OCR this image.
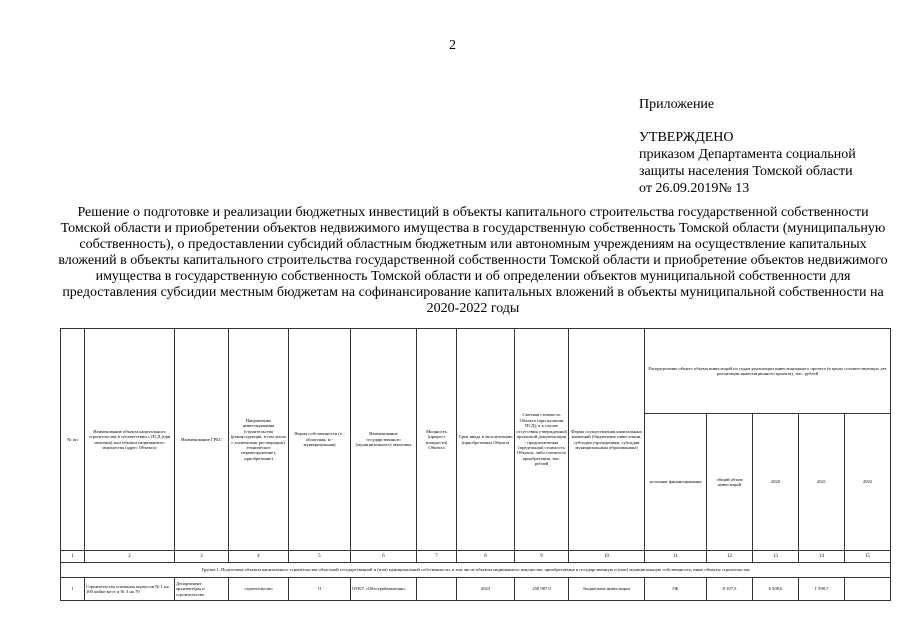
2
Приложение
УТВЕРЖДЕНО
приказом Департамента социальной
защиты населения Томской области
от 26.09.2019№ 13
Решение о подготовке и реализации бюджетных инвестиций в объекты капитального строительства государственной собственности Томской области и приобретении объектов недвижимого имущества в государственную собственность Томской области (муниципальную собственность), о предоставлении субсидий областным бюджетным или автономным учреждениям на осуществление капитальных вложений в объекты капитального строительства государственной собственности Томской области и приобретение объектов недвижимого имущества в государственную собственность Томской области и об определении объектов муниципальной собственности для предоставления субсидии местным бюджетам на софинансирование капитальных вложений в объекты муниципальной собственности на 2020-2022 годы
№ пп	Наименование объекта капитального строительства в соответствии с ПСД (при наличии) или объекта недвижимого имущества (адрес Объекта)	Наименование ГРБС	Направление инвестирования (строительство (реконструкция, в том числе с элементами реставрации), техническое перевооружение), приобретение)	Форма собственности (о - областная, м - муниципальная)	Наименование государственного (муниципального) заказчика	Мощность (прирост мощности) Объекта	Срок ввода в эксплуатацию (приобретения) Объекта	Сметная стоимость Объекта (при наличии ПСД), а в случае отсутствия утвержденной проектной документации - предполагаемая (предельная) стоимость Объекта, либо стоимость приобретения, тыс. рублей	Форма осуществления капитальных вложений (бюджетные инвестиции, субсидия учреждениям, субсидия муниципальным образованиям)	Распределение общего объема инвестиций по годам реализации инвестиционного проекта (в ценах соответствующих лет реализации инвестиционного проекта), тыс. рублей				
										источник финансирования	общий объем инвестиций	2020	2021	2022
1	2	3	4	5	6	7	8	9	10	11	12	13	14	15
Группа 1. Подготовка объекты капитального строительства областной государственной и (или) муниципальной собственности, в том числе объекты недвижимого имущества, приобретаемые в государственную и (или) муниципальную собственность, иные объекты строительства														
1	Строительство спальных корпусов № 1 на 100 койко-мест и № 3 на 70	Департамент архитектуры и строительства	строительство	О	ОГКУ «Облстройзаказчик»		2023	250 987,9	бюджетные инвестиции	ОБ	8 107,3	6 508,6	1 598,7	
